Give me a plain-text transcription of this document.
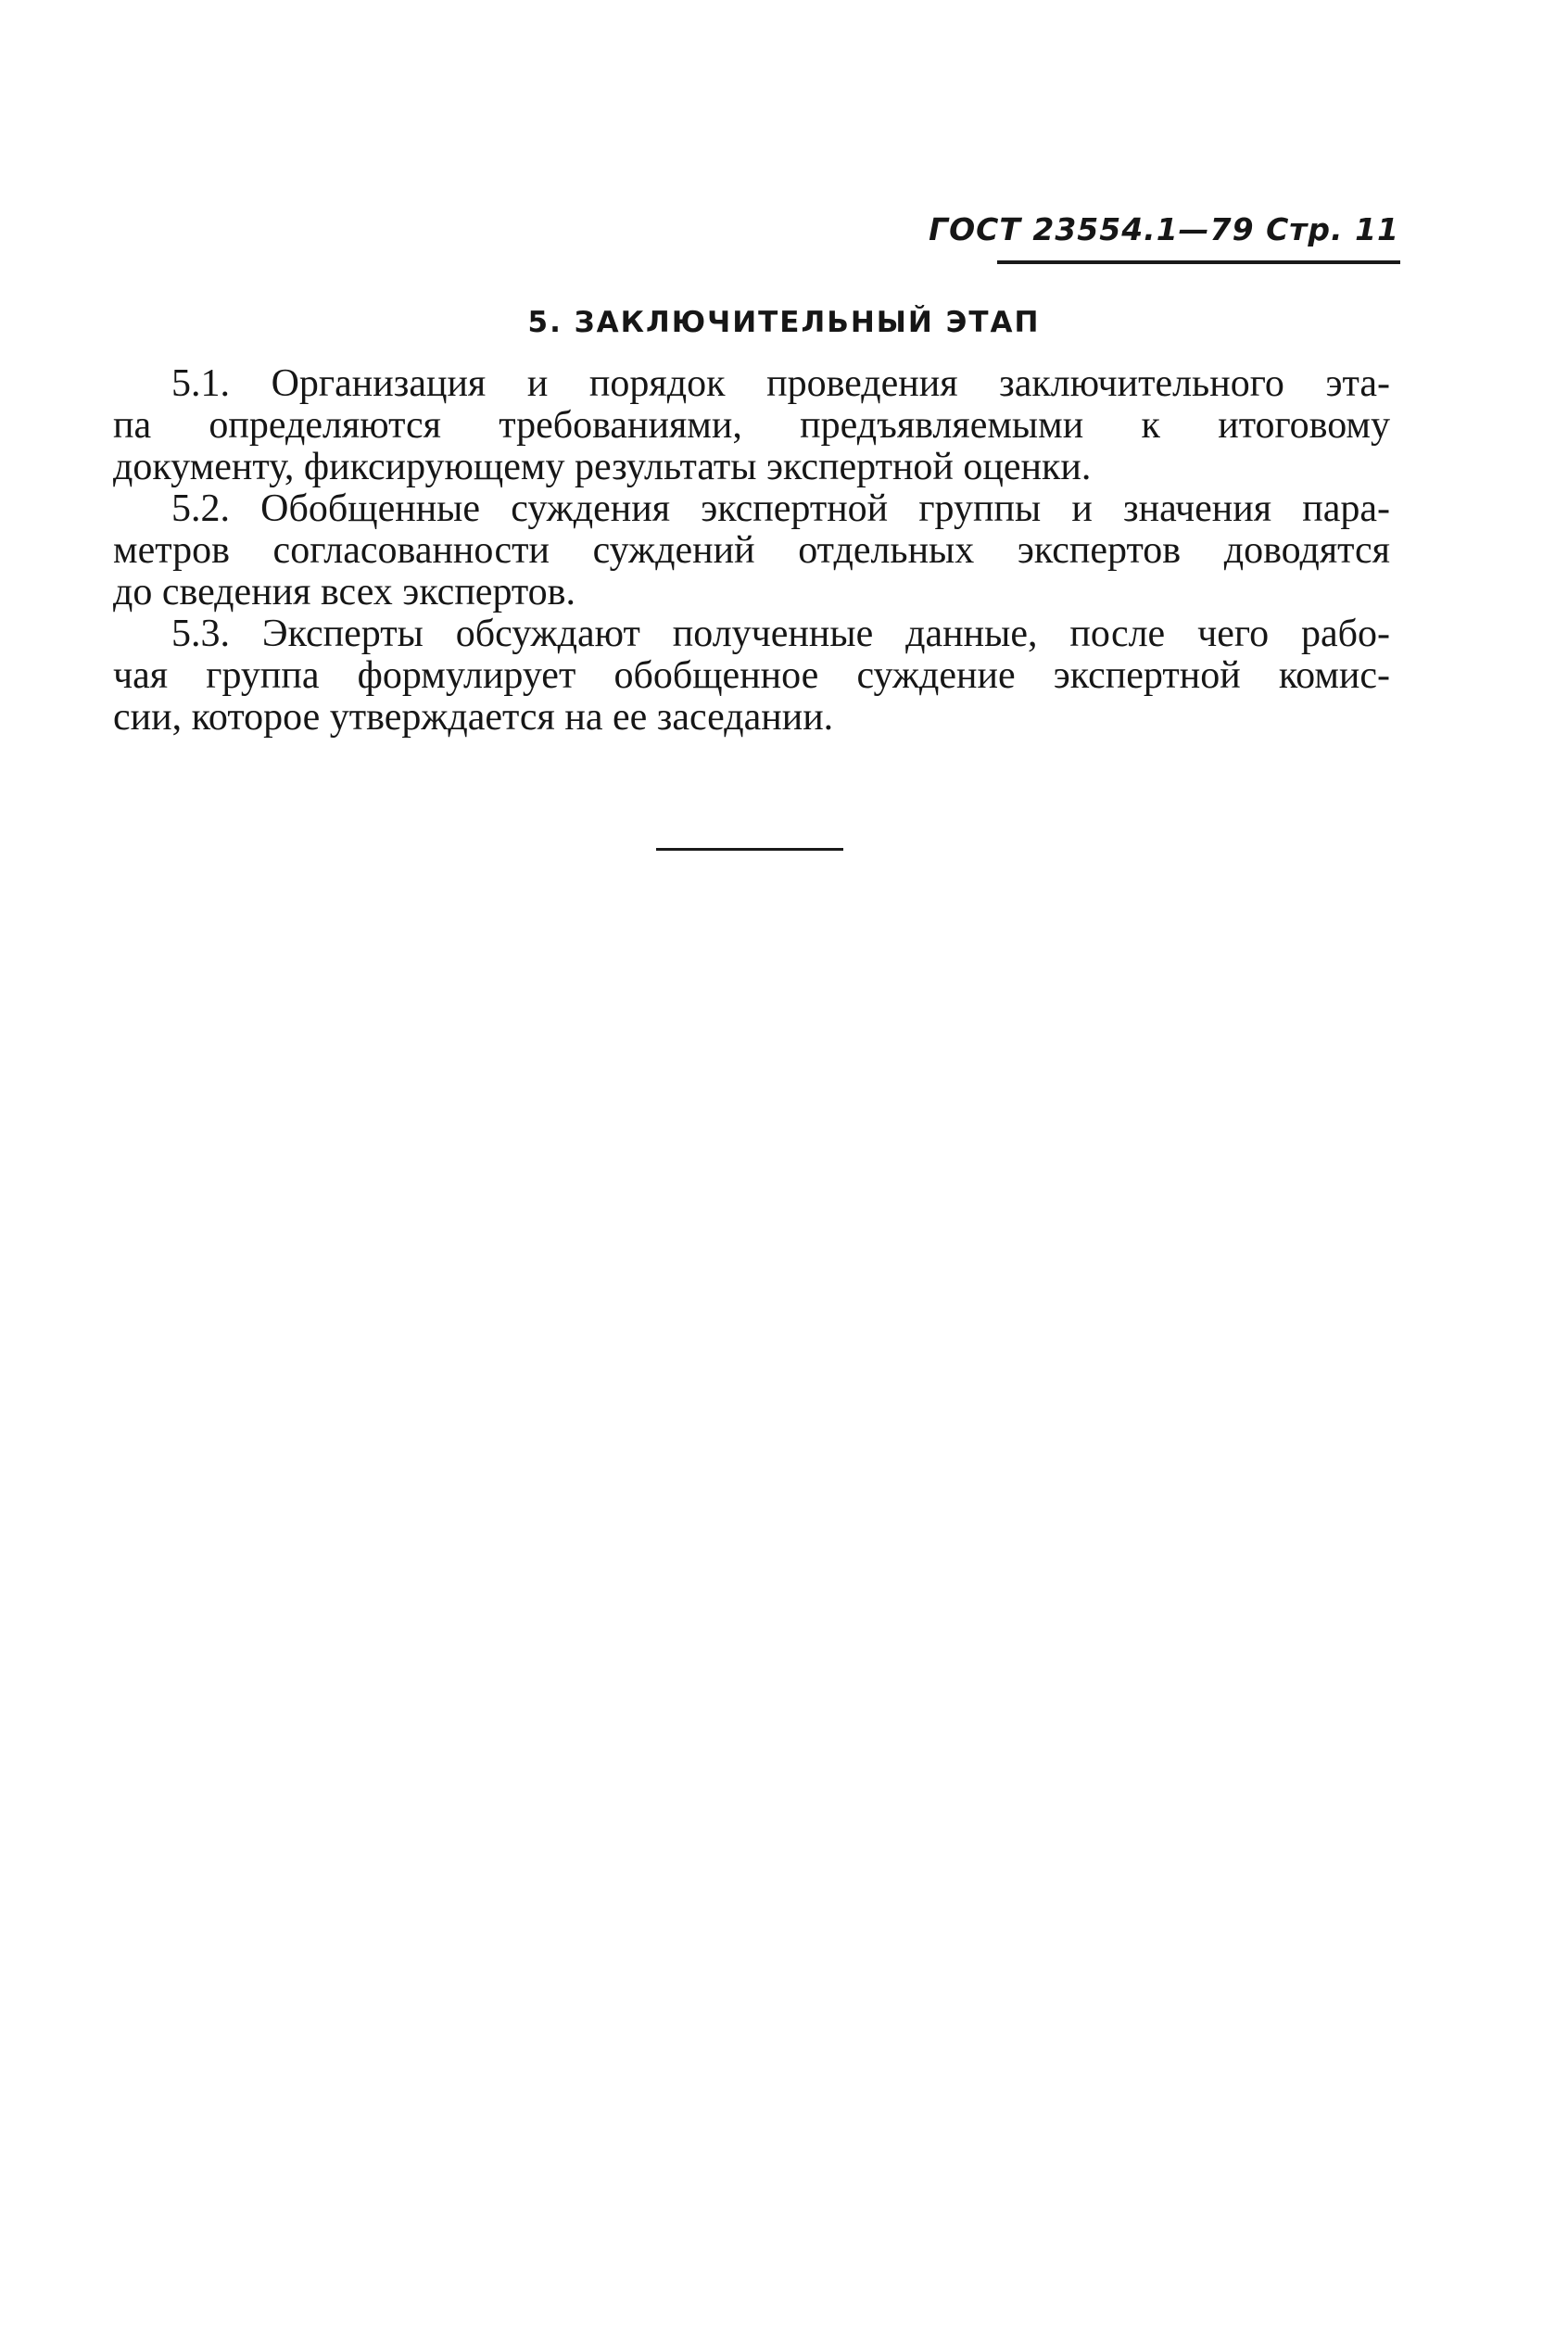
ГОСТ 23554.1—79 Стр. 11
5. ЗАКЛЮЧИТЕЛЬНЫЙ ЭТАП

5.1. Организация и порядок проведения заключительного эта-
па определяются требованиями, предъявляемыми к итоговому
документу, фиксирующему результаты экспертной оценки.

5.2. Обобщенные суждения экспертной группы и значения пара-
метров согласованности суждений отдельных экспертов доводятся
до сведения всех экспертов.

5.3. Эксперты обсуждают полученные данные, после чего рабо-
чая группа формулирует обобщенное суждение экспертной комис-
сии, которое утверждается на ее заседании.
